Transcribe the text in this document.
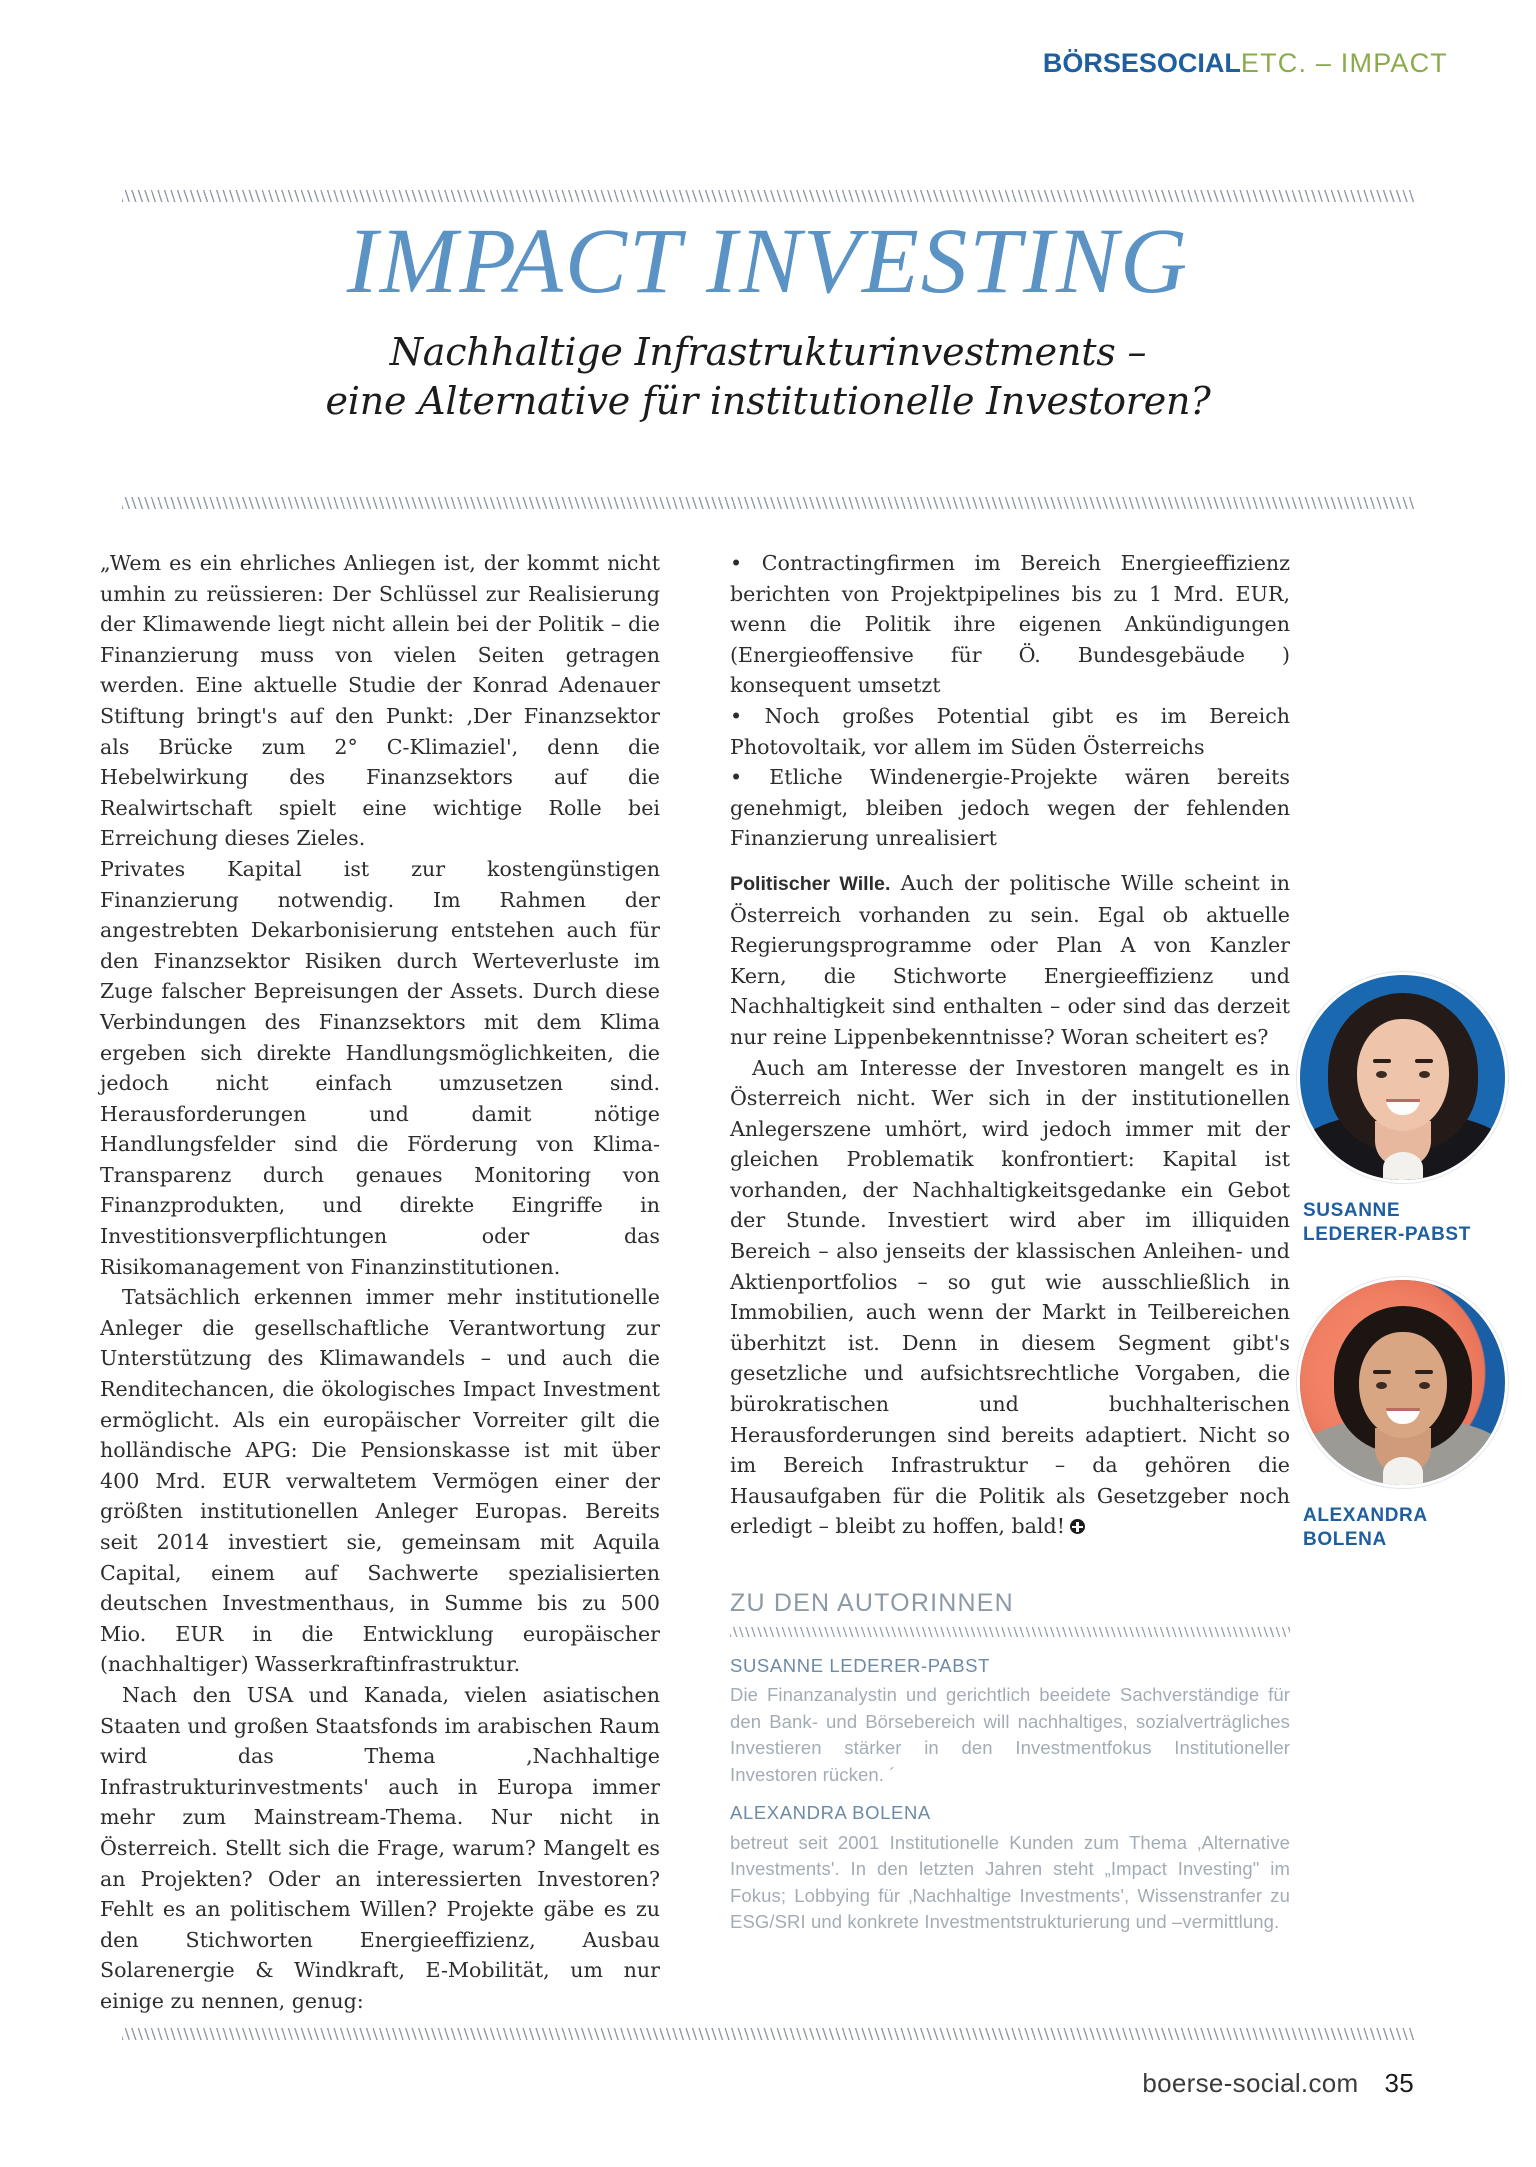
BÖRSESOCIALETC. – IMPACT
IMPACT INVESTING
Nachhaltige Infrastrukturinvestments –
eine Alternative für institutionelle Investoren?

„Wem es ein ehrliches Anliegen ist, der kommt nicht umhin zu reüssieren: Der Schlüssel zur Realisierung der Klimawende liegt nicht allein bei der Politik – die Finanzierung muss von vielen Seiten getragen werden. Eine aktuelle Studie der Konrad Adenauer Stiftung bringt's auf den Punkt: ‚Der Finanzsektor als Brücke zum 2° C-Klimaziel', denn die Hebelwirkung des Finanzsektors auf die Realwirtschaft spielt eine wichtige Rolle bei Erreichung dieses Zieles.

Privates Kapital ist zur kostengünstigen Finanzierung notwendig. Im Rahmen der angestrebten Dekarbonisierung entstehen auch für den Finanzsektor Risiken durch Werteverluste im Zuge falscher Bepreisungen der Assets. Durch diese Verbindungen des Finanzsektors mit dem Klima ergeben sich direkte Handlungsmöglichkeiten, die jedoch nicht einfach umzusetzen sind. Herausforderungen und damit nötige Handlungsfelder sind die Förderung von Klima-Transparenz durch genaues Monitoring von Finanzprodukten, und direkte Eingriffe in Investitionsverpflichtungen oder das Risikomanagement von Finanzinstitutionen.

Tatsächlich erkennen immer mehr institutionelle Anleger die gesellschaftliche Verantwortung zur Unterstützung des Klimawandels – und auch die Renditechancen, die ökologisches Impact Investment ermöglicht. Als ein europäischer Vorreiter gilt die holländische APG: Die Pensionskasse ist mit über 400 Mrd. EUR verwaltetem Vermögen einer der größten institutionellen Anleger Europas. Bereits seit 2014 investiert sie, gemeinsam mit Aquila Capital, einem auf Sachwerte spezialisierten deutschen Investmenthaus, in Summe bis zu 500 Mio. EUR in die Entwicklung europäischer (nachhaltiger) Wasserkraftinfrastruktur.

Nach den USA und Kanada, vielen asiatischen Staaten und großen Staatsfonds im arabischen Raum wird das Thema ‚Nachhaltige Infrastrukturinvestments' auch in Europa immer mehr zum Mainstream-Thema. Nur nicht in Österreich. Stellt sich die Frage, warum? Mangelt es an Projekten? Oder an interessierten Investoren? Fehlt es an politischem Willen? Projekte gäbe es zu den Stichworten Energieeffizienz, Ausbau Solarenergie & Windkraft, E-Mobilität, um nur einige zu nennen, genug:

• Contractingfirmen im Bereich Energieeffizienz berichten von Projektpipelines bis zu 1 Mrd. EUR, wenn die Politik ihre eigenen Ankündigungen (Energieoffensive für Ö. Bundesgebäude ) konsequent umsetzt

• Noch großes Potential gibt es im Bereich Photovoltaik, vor allem im Süden Österreichs

• Etliche Windenergie-Projekte wären bereits genehmigt, bleiben jedoch wegen der fehlenden Finanzierung unrealisiert

Politischer Wille. Auch der politische Wille scheint in Österreich vorhanden zu sein. Egal ob aktuelle Regierungsprogramme oder Plan A von Kanzler Kern, die Stichworte Energieeffizienz und Nachhaltigkeit sind enthalten – oder sind das derzeit nur reine Lippenbekenntnisse? Woran scheitert es?

Auch am Interesse der Investoren mangelt es in Österreich nicht. Wer sich in der institutionellen Anlegerszene umhört, wird jedoch immer mit der gleichen Problematik konfrontiert: Kapital ist vorhanden, der Nachhaltigkeitsgedanke ein Gebot der Stunde. Investiert wird aber im illiquiden Bereich – also jenseits der klassischen Anleihen- und Aktienportfolios – so gut wie ausschließlich in Immobilien, auch wenn der Markt in Teilbereichen überhitzt ist. Denn in diesem Segment gibt's gesetzliche und aufsichtsrechtliche Vorgaben, die bürokratischen und buchhalterischen Herausforderungen sind bereits adaptiert. Nicht so im Bereich Infrastruktur – da gehören die Hausaufgaben für die Politik als Gesetzgeber noch erledigt – bleibt zu hoffen, bald!

ZU DEN AUTORINNEN
SUSANNE LEDERER-PABST
Die Finanzanalystin und gerichtlich beeidete Sachverständige für den Bank- und Börsebereich will nachhaltiges, sozialverträgliches Investieren stärker in den Investmentfokus Institutioneller Investoren rücken. ´
ALEXANDRA BOLENA
betreut seit 2001 Institutionelle Kunden zum Thema ‚Alternative Investments'. In den letzten Jahren steht „Impact Investing" im Fokus; Lobbying für ‚Nachhaltige Investments', Wissenstranfer zu ESG/SRI und konkrete Investmentstrukturierung und –vermittlung.
SUSANNE
LEDERER-PABST
ALEXANDRA
BOLENA
boerse-social.com 35
